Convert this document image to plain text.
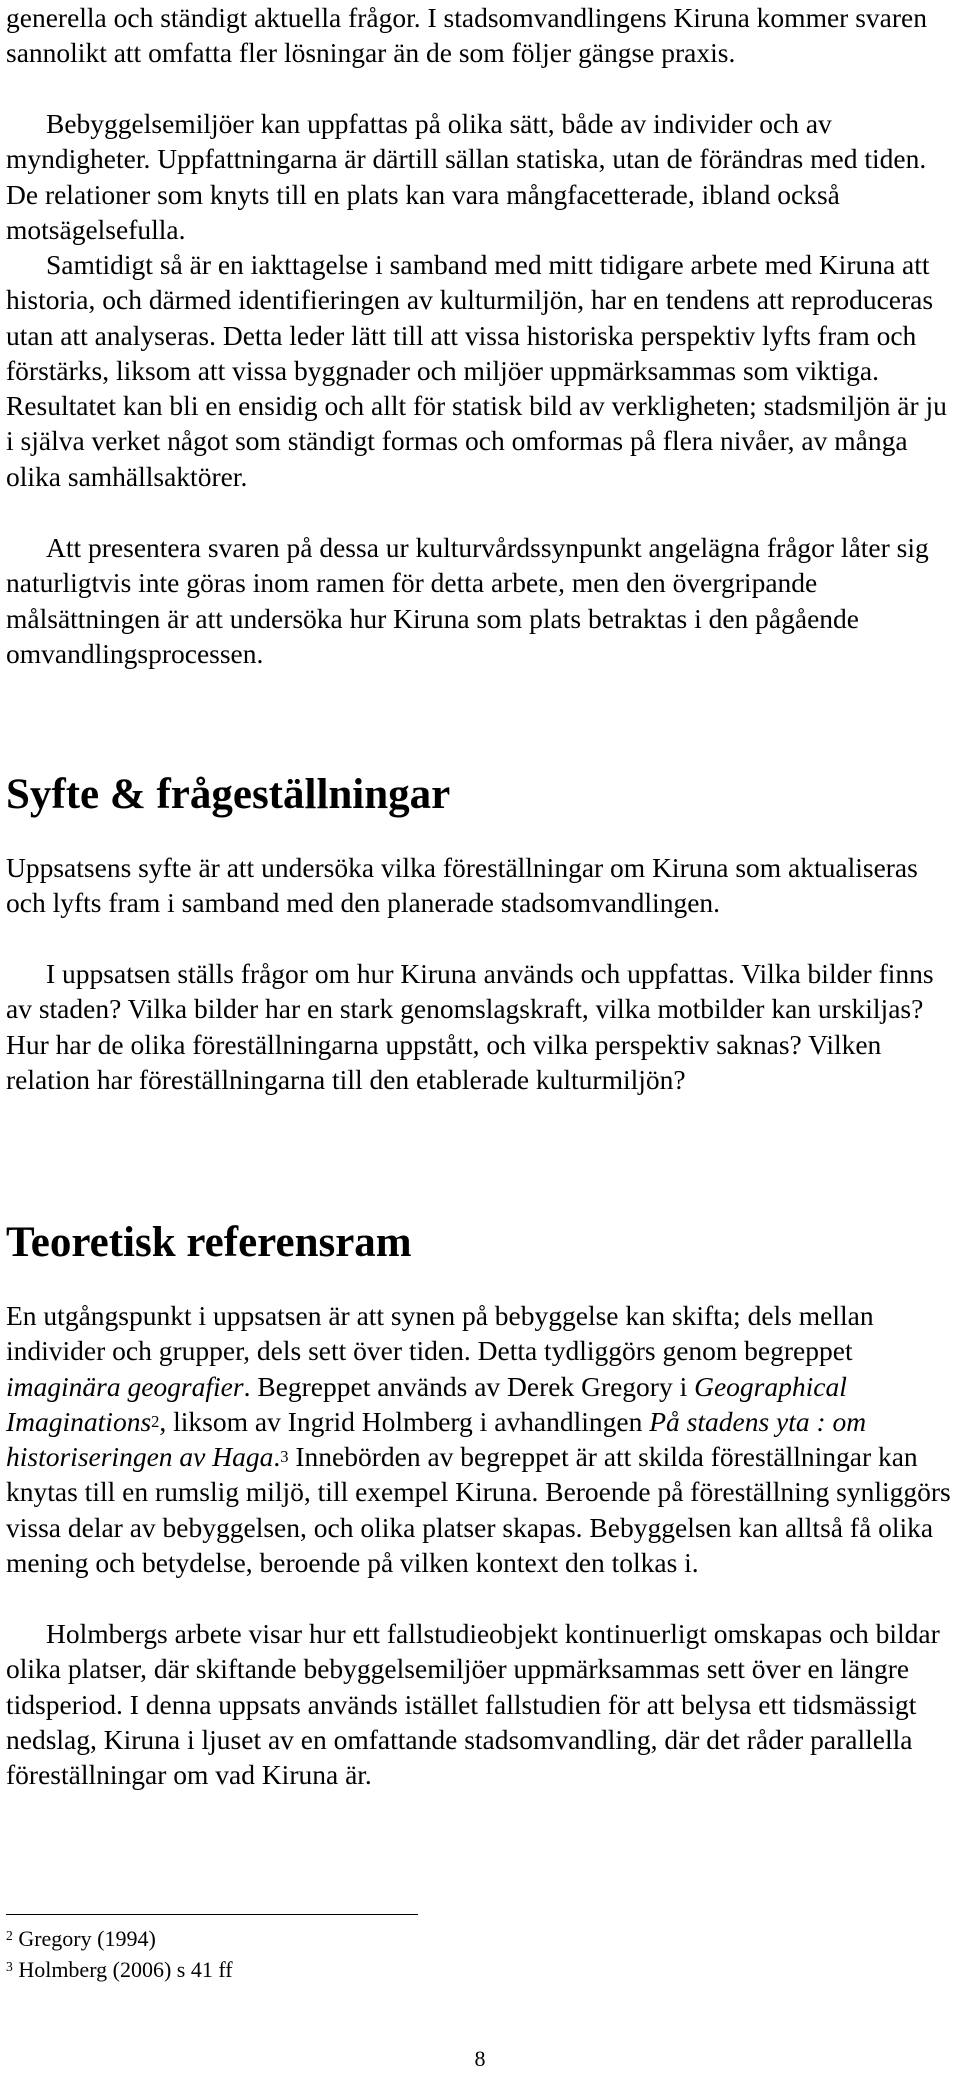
generella och ständigt aktuella frågor. I stadsomvandlingens Kiruna kommer svaren sannolikt att omfatta fler lösningar än de som följer gängse praxis.

Bebyggelsemiljöer kan uppfattas på olika sätt, både av individer och av myndigheter. Uppfattningarna är därtill sällan statiska, utan de förändras med tiden. De relationer som knyts till en plats kan vara mångfacetterade, ibland också motsägelsefulla.

Samtidigt så är en iakttagelse i samband med mitt tidigare arbete med Kiruna att historia, och därmed identifieringen av kulturmiljön, har en tendens att reproduceras utan att analyseras. Detta leder lätt till att vissa historiska perspektiv lyfts fram och förstärks, liksom att vissa byggnader och miljöer uppmärksammas som viktiga. Resultatet kan bli en ensidig och allt för statisk bild av verkligheten; stadsmiljön är ju i själva verket något som ständigt formas och omformas på flera nivåer, av många olika samhällsaktörer.

Att presentera svaren på dessa ur kulturvårdssynpunkt angelägna frågor låter sig naturligtvis inte göras inom ramen för detta arbete, men den övergripande målsättningen är att undersöka hur Kiruna som plats betraktas i den pågående omvandlingsprocessen.

Syfte & frågeställningar

Uppsatsens syfte är att undersöka vilka föreställningar om Kiruna som aktualiseras och lyfts fram i samband med den planerade stadsomvandlingen.

I uppsatsen ställs frågor om hur Kiruna används och uppfattas. Vilka bilder finns av staden? Vilka bilder har en stark genomslagskraft, vilka motbilder kan urskiljas? Hur har de olika föreställningarna uppstått, och vilka perspektiv saknas? Vilken relation har föreställningarna till den etablerade kulturmiljön?

Teoretisk referensram

En utgångspunkt i uppsatsen är att synen på bebyggelse kan skifta; dels mellan individer och grupper, dels sett över tiden. Detta tydliggörs genom begreppet imaginära geografier. Begreppet används av Derek Gregory i Geographical Imaginations$^2$, liksom av Ingrid Holmberg i avhandlingen På stadens yta : om historiseringen av Haga.$^3$ Innebörden av begreppet är att skilda föreställningar kan knytas till en rumslig miljö, till exempel Kiruna. Beroende på föreställning synliggörs vissa delar av bebyggelsen, och olika platser skapas. Bebyggelsen kan alltså få olika mening och betydelse, beroende på vilken kontext den tolkas i.

Holmbergs arbete visar hur ett fallstudieobjekt kontinuerligt omskapas och bildar olika platser, där skiftande bebyggelsemiljöer uppmärksammas sett över en längre tidsperiod. I denna uppsats används istället fallstudien för att belysa ett tidsmässigt nedslag, Kiruna i ljuset av en omfattande stadsomvandling, där det råder parallella föreställningar om vad Kiruna är.

$^2$ Gregory (1994)
$^3$ Holmberg (2006) s 41 ff
8
